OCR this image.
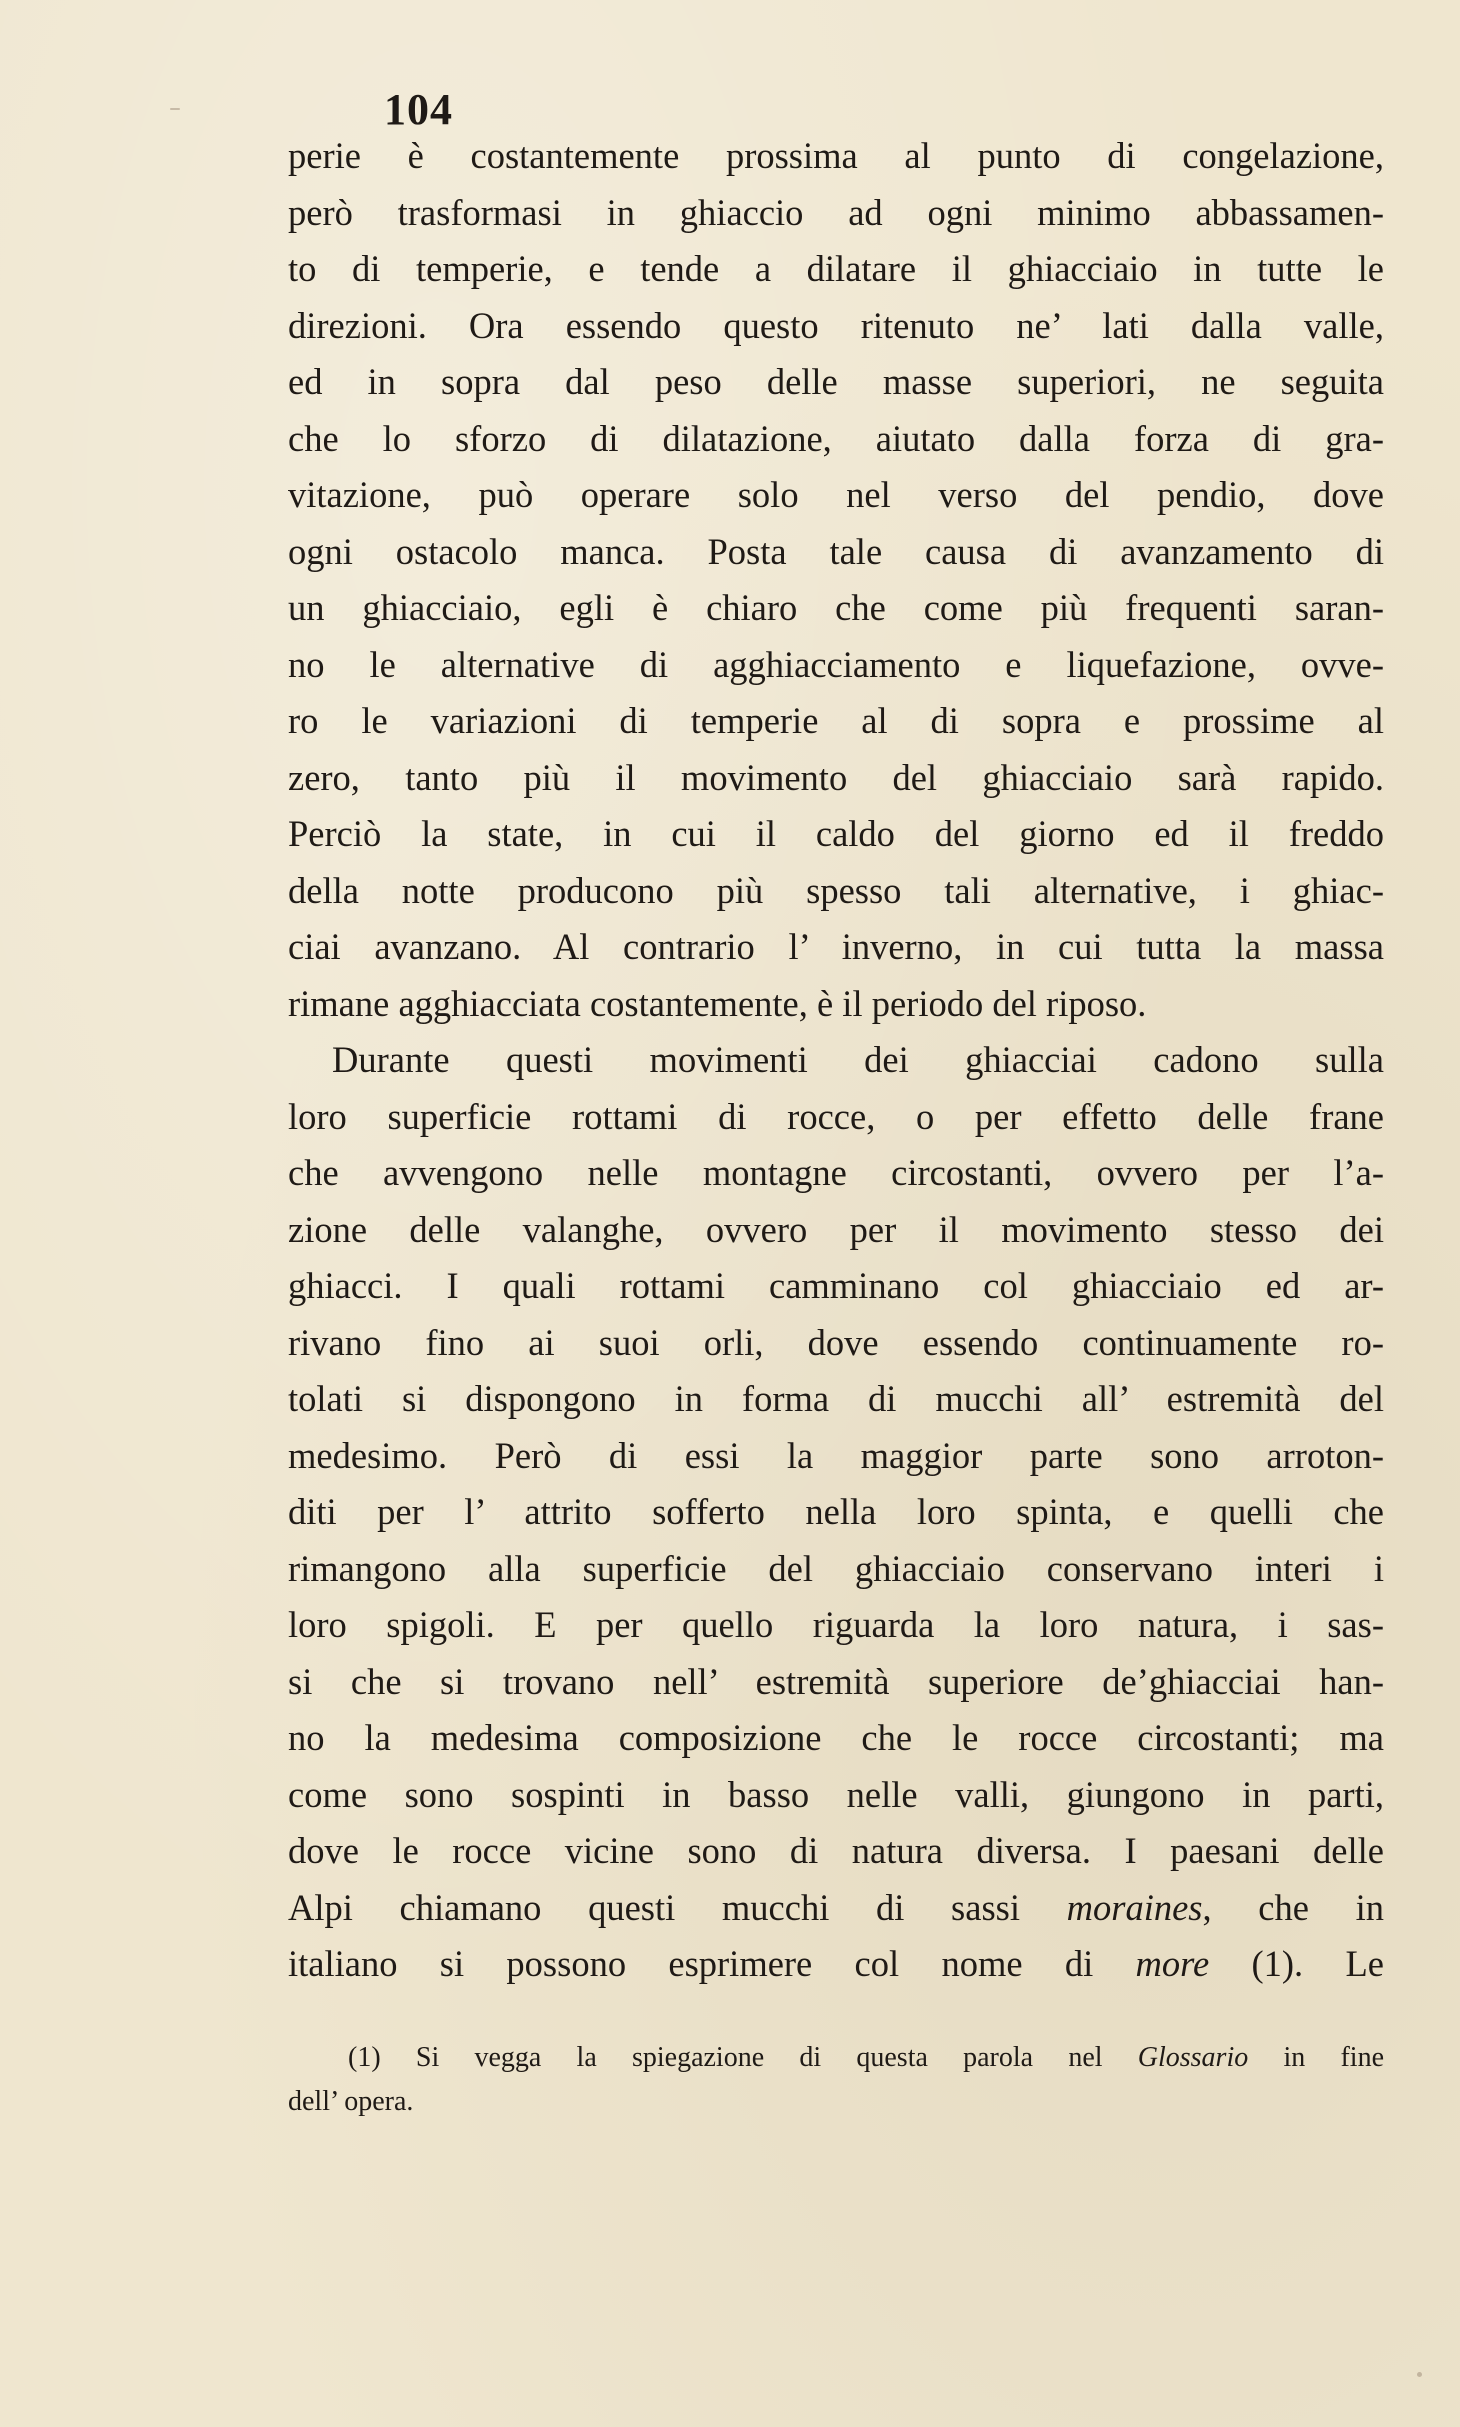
104
perie è costantemente prossima al punto di congelazione,
però trasformasi in ghiaccio ad ogni minimo abbassamen-
to di temperie, e tende a dilatare il ghiacciaio in tutte le
direzioni. Ora essendo questo ritenuto ne’ lati dalla valle,
ed in sopra dal peso delle masse superiori, ne seguita
che lo sforzo di dilatazione, aiutato dalla forza di gra-
vitazione, può operare solo nel verso del pendio, dove
ogni ostacolo manca. Posta tale causa di avanzamento di
un ghiacciaio, egli è chiaro che come più frequenti saran-
no le alternative di agghiacciamento e liquefazione, ovve-
ro le variazioni di temperie al di sopra e prossime al
zero, tanto più il movimento del ghiacciaio sarà rapido.
Perciò la state, in cui il caldo del giorno ed il freddo
della notte producono più spesso tali alternative, i ghiac-
ciai avanzano. Al contrario l’ inverno, in cui tutta la massa
rimane agghiacciata costantemente, è il periodo del riposo.
Durante questi movimenti dei ghiacciai cadono sulla
loro superficie rottami di rocce, o per effetto delle frane
che avvengono nelle montagne circostanti, ovvero per l’a-
zione delle valanghe, ovvero per il movimento stesso dei
ghiacci. I quali rottami camminano col ghiacciaio ed ar-
rivano fino ai suoi orli, dove essendo continuamente ro-
tolati si dispongono in forma di mucchi all’ estremità del
medesimo. Però di essi la maggior parte sono arroton-
diti per l’ attrito sofferto nella loro spinta, e quelli che
rimangono alla superficie del ghiacciaio conservano interi i
loro spigoli. E per quello riguarda la loro natura, i sas-
si che si trovano nell’ estremità superiore de’ghiacciai han-
no la medesima composizione che le rocce circostanti; ma
come sono sospinti in basso nelle valli, giungono in parti,
dove le rocce vicine sono di natura diversa. I paesani delle
Alpi chiamano questi mucchi di sassi moraines, che in
italiano si possono esprimere col nome di more (1). Le
(1) Si vegga la spiegazione di questa parola nel Glossario in fine
dell’ opera.
